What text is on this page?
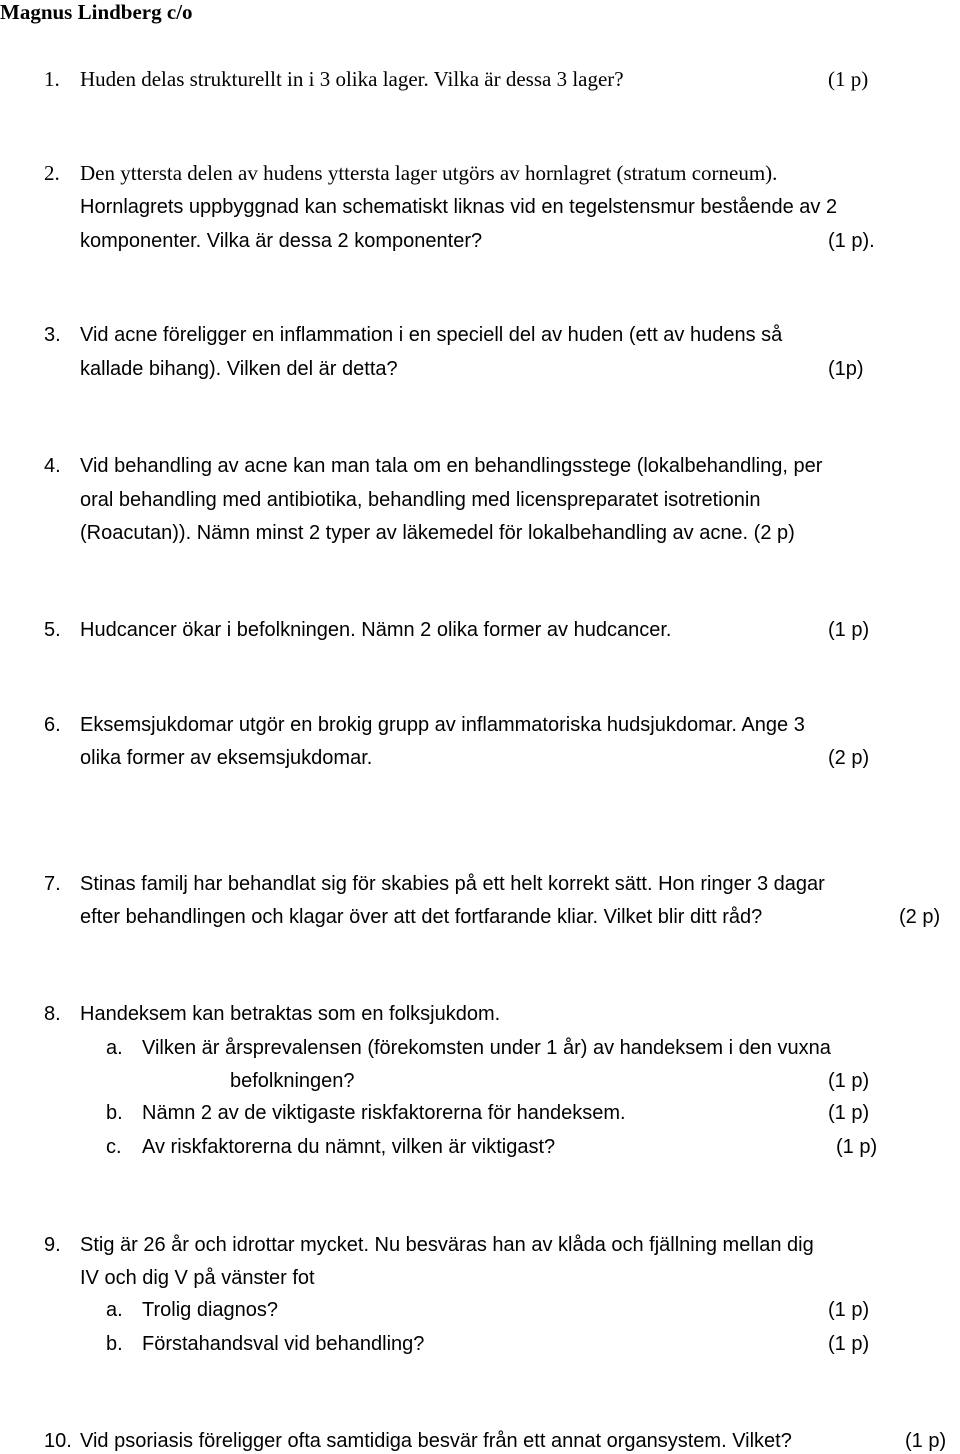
Magnus Lindberg c/o
1. Huden delas strukturellt in i 3 olika lager. Vilka är dessa 3 lager?	(1 p)
2. Den yttersta delen av hudens yttersta lager utgörs av hornlagret (stratum corneum).
Hornlagrets uppbyggnad kan schematiskt liknas vid en tegelstensmur bestående av 2
komponenter. Vilka är dessa 2 komponenter?	(1 p).
3. Vid acne föreligger en inflammation i en speciell del av huden (ett av hudens så
kallade bihang). Vilken del är detta?	(1p)
4. Vid behandling av acne kan man tala om en behandlingsstege (lokalbehandling, per
oral behandling med antibiotika, behandling med licenspreparatet isotretionin
(Roacutan)). Nämn minst 2 typer av läkemedel för lokalbehandling av acne. (2 p)
5. Hudcancer ökar i befolkningen. Nämn 2 olika former av hudcancer.	(1 p)
6. Eksemsjukdomar utgör en brokig grupp av inflammatoriska hudsjukdomar. Ange 3
olika former av eksemsjukdomar.	(2 p)
7. Stinas familj har behandlat sig för skabies på ett helt korrekt sätt. Hon ringer 3 dagar
efter behandlingen och klagar över att det fortfarande kliar. Vilket blir ditt råd?	(2 p)
8. Handeksem kan betraktas som en folksjukdom.
a. Vilken är årsprevalensen (förekomsten under 1 år) av handeksem i den vuxna
befolkningen?	(1 p)
b. Nämn 2 av de viktigaste riskfaktorerna för handeksem.	(1 p)
c. Av riskfaktorerna du nämnt, vilken är viktigast?	(1 p)
9. Stig är 26 år och idrottar mycket. Nu besväras han av klåda och fjällning mellan dig
IV och dig V på vänster fot
a. Trolig diagnos?	(1 p)
b. Förstahandsval vid behandling?	(1 p)
10. Vid psoriasis föreligger ofta samtidiga besvär från ett annat organsystem. Vilket?	(1 p)
